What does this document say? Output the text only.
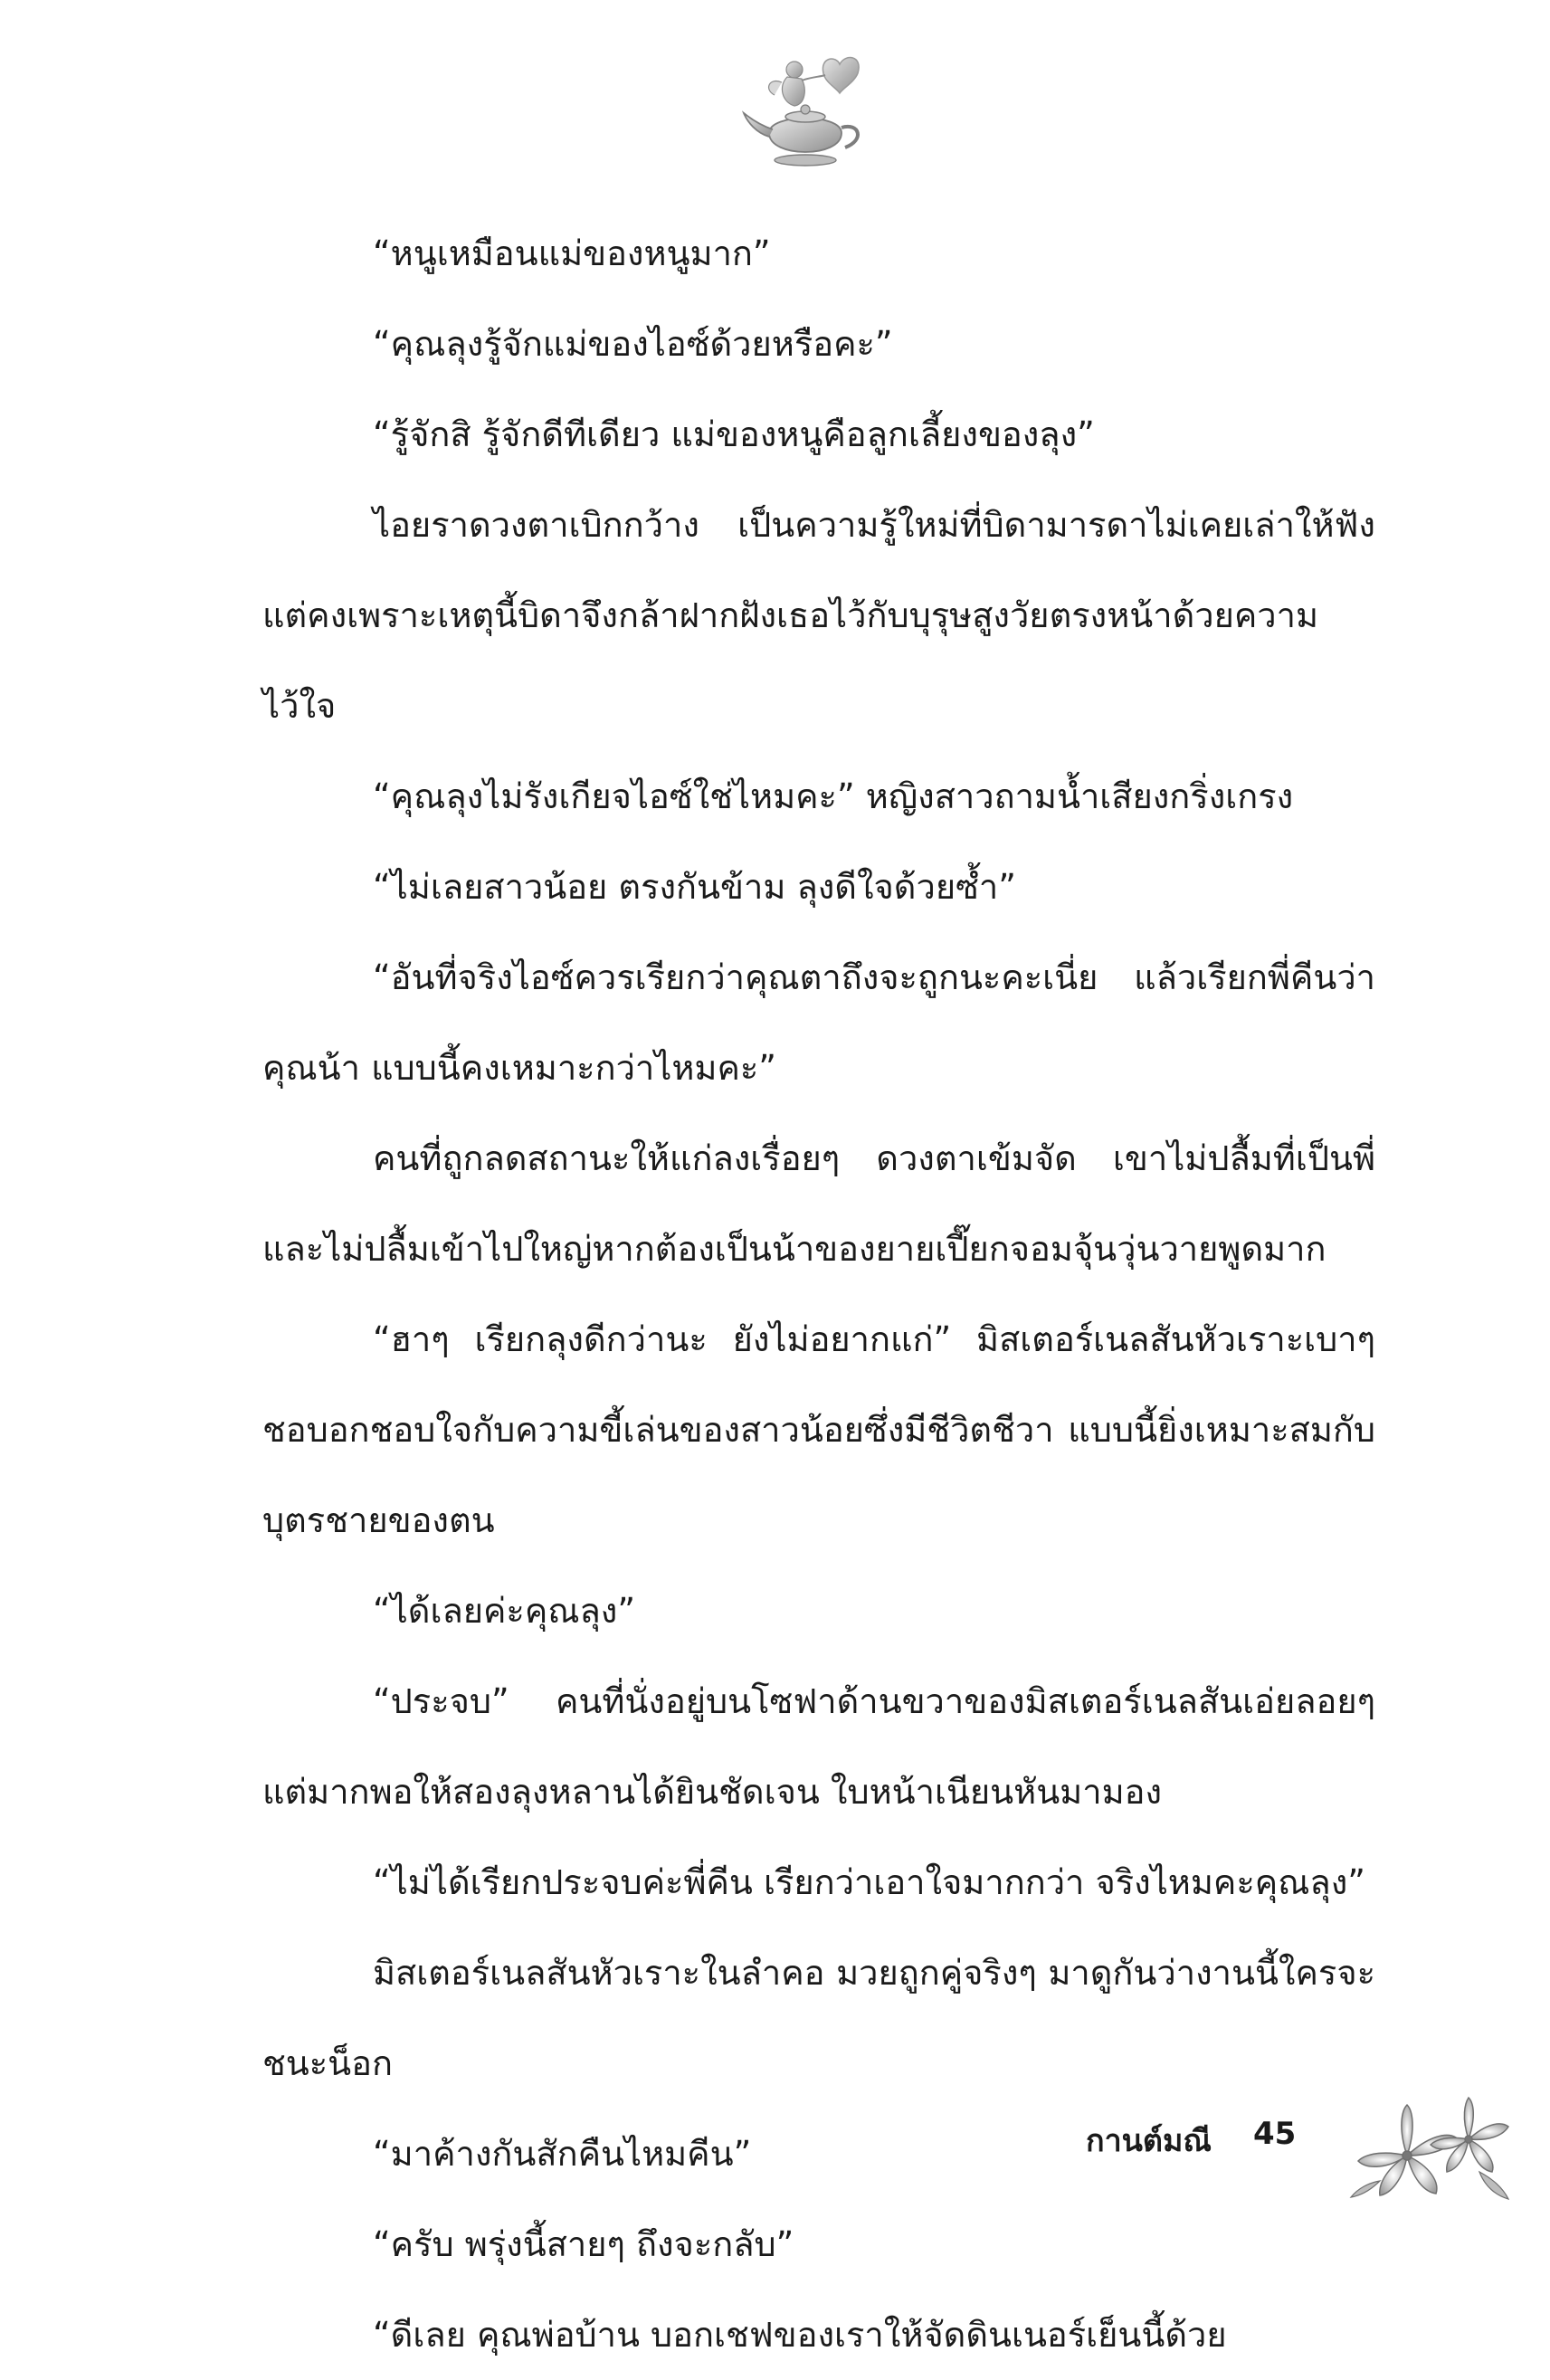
“หนูเหมือนแม่ของหนูมาก”

“คุณลุงรู้จักแม่ของไอซ์ด้วยหรือคะ”

“รู้จักสิ รู้จักดีทีเดียว แม่ของหนูคือลูกเลี้ยงของลุง”

ไอยราดวงตาเบิกกว้าง เป็นความรู้ใหม่ที่บิดามารดาไม่เคยเล่าให้ฟัง แต่คงเพราะเหตุนี้บิดาจึงกล้าฝากฝังเธอไว้กับบุรุษสูงวัยตรงหน้าด้วยความไว้ใจ

“คุณลุงไม่รังเกียจไอซ์ใช่ไหมคะ” หญิงสาวถามน้ำเสียงกริ่งเกรง

“ไม่เลยสาวน้อย ตรงกันข้าม ลุงดีใจด้วยซ้ำ”

“อันที่จริงไอซ์ควรเรียกว่าคุณตาถึงจะถูกนะคะเนี่ย แล้วเรียกพี่คีนว่าคุณน้า แบบนี้คงเหมาะกว่าไหมคะ”

คนที่ถูกลดสถานะให้แก่ลงเรื่อยๆ ดวงตาเข้มจัด เขาไม่ปลื้มที่เป็นพี่ และไม่ปลื้มเข้าไปใหญ่หากต้องเป็นน้าของยายเปี๊ยกจอมจุ้นวุ่นวายพูดมาก

“ฮาๆ เรียกลุงดีกว่านะ ยังไม่อยากแก่” มิสเตอร์เนลสันหัวเราะเบาๆ ชอบอกชอบใจกับความขี้เล่นของสาวน้อยซึ่งมีชีวิตชีวา แบบนี้ยิ่งเหมาะสมกับบุตรชายของตน

“ได้เลยค่ะคุณลุง”

“ประจบ” คนที่นั่งอยู่บนโซฟาด้านขวาของมิสเตอร์เนลสันเอ่ยลอยๆ แต่มากพอให้สองลุงหลานได้ยินชัดเจน ใบหน้าเนียนหันมามอง

“ไม่ได้เรียกประจบค่ะพี่คีน เรียกว่าเอาใจมากกว่า จริงไหมคะคุณลุง”

มิสเตอร์เนลสันหัวเราะในลำคอ มวยถูกคู่จริงๆ มาดูกันว่างานนี้ใครจะชนะน็อก

“มาค้างกันสักคืนไหมคีน”

“ครับ พรุ่งนี้สายๆ ถึงจะกลับ”

“ดีเลย คุณพ่อบ้าน บอกเชฟของเราให้จัดดินเนอร์เย็นนี้ด้วย

กานต์มณี 45
